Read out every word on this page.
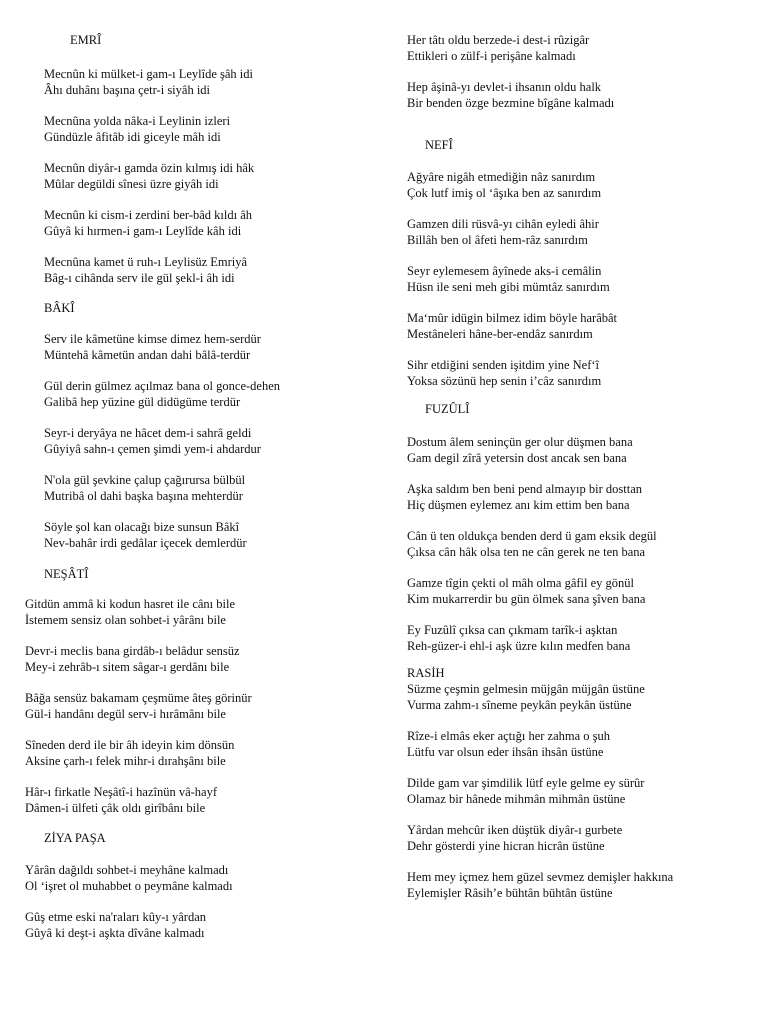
EMRÎ
Mecnûn ki mülket-i gam-ı Leylîde şâh idi
Âhı duhânı başına çetr-i siyâh idi
Mecnûna yolda nâka-i Leylinin izleri
Gündüzle âfitâb idi giceyle mâh idi
Mecnûn diyâr-ı gamda özin kılmış idi hâk
Mûlar degüldi sînesi üzre giyâh idi
Mecnûn ki cism-i zerdini ber-bâd kıldı âh
Gûyâ ki hırmen-i gam-ı Leylîde kâh idi
Mecnûna kamet ü ruh-ı Leylisüz Emriyâ
Bâg-ı cihânda serv ile gül şekl-i âh idi
BÂKÎ
Serv ile kâmetüne kimse dimez hem-serdür
Müntehâ kâmetün andan dahi bâlâ-terdür
Gül derin gülmez açılmaz bana ol gonce-dehen
Galibâ hep yüzine gül didügüme terdür
Seyr-i deryâya ne hâcet dem-i sahrâ geldi
Gûyiyâ sahn-ı çemen şimdi yem-i ahdardur
N'ola gül şevkine çalup çağırursa bülbül
Mutribâ ol dahi başka başına mehterdür
Söyle şol kan olacağı bize sunsun Bâkî
Nev-bahâr irdi gedâlar içecek demlerdür
NEŞÂTÎ
Gitdün ammâ ki kodun hasret ile cânı bile
İstemem sensiz olan sohbet-i yârânı bile
Devr-i meclis bana girdâb-ı belâdur sensüz
Mey-i zehrâb-ı sitem sâgar-ı gerdânı bile
Bâğa sensüz bakamam çeşmüme âteş görinür
Gül-i handânı degül serv-i hırâmânı bile
Sîneden derd ile bir âh ideyin kim dönsün
Aksine çarh-ı felek mihr-i dırahşânı bile
Hâr-ı firkatle Neşâtî-i hazînün vâ-hayf
Dâmen-i ülfeti çâk oldı girîbânı bile
ZİYA PAŞA
Yârân dağıldı sohbet-i meyhâne kalmadı
Ol ‘işret ol muhabbet o peymâne kalmadı
Gûş etme eski na'raları kûy-ı yârdan
Gûyâ ki deşt-i aşkta dîvâne kalmadı
Her tâtı oldu berzede-i dest-i rûzigâr
Ettikleri o zülf-i perişâne kalmadı
Hep âşinâ-yı devlet-i ihsanın oldu halk
Bir benden özge bezmine bîgâne kalmadı
NEFÎ
Ağyâre nigâh etmediğin nâz sanırdım
Çok lutf imiş ol ‘âşıka ben az sanırdım
Gamzen dili rüsvâ-yı cihân eyledi âhir
Billâh ben ol âfeti hem-râz sanırdım
Seyr eylemesem âyînede aks-i cemâlin
Hüsn ile seni meh gibi mümtâz sanırdım
Ma‘mûr idügin bilmez idim böyle harâbât
Mestâneleri hâne-ber-endâz sanırdım
Sihr etdiğini senden işitdim yine Nef‘î
Yoksa sözünü hep senin i’câz sanırdım
FUZÛLÎ
Dostum âlem seninçün ger olur düşmen bana
Gam degil zîrâ yetersin dost ancak sen bana
Aşka saldım ben beni pend almayıp bir dosttan
Hiç düşmen eylemez anı kim ettim ben bana
Cân ü ten oldukça benden derd ü gam eksik degül
Çıksa cân hâk olsa ten ne cân gerek ne ten bana
Gamze tîgin çekti ol mâh olma gâfil ey gönül
Kim mukarrerdir bu gün ölmek sana şîven bana
Ey Fuzûlî çıksa can çıkmam tarîk-i aşktan
Reh-güzer-i ehl-i aşk üzre kılın medfen bana
RASİH
Süzme çeşmin gelmesin müjgân müjgân üstüne
Vurma zahm-ı sîneme peykân peykân üstüne
Rîze-i elmâs eker açtığı her zahma o şuh
Lütfu var olsun eder ihsân ihsân üstüne
Dilde gam var şimdilik lütf eyle gelme ey sürûr
Olamaz bir hânede mihmân mihmân üstüne
Yârdan mehcûr iken düştük diyâr-ı gurbete
Dehr gösterdi yine hicran hicrân üstüne
Hem mey içmez hem güzel sevmez demişler hakkına
Eylemişler Râsih’e bühtân bühtân üstüne
